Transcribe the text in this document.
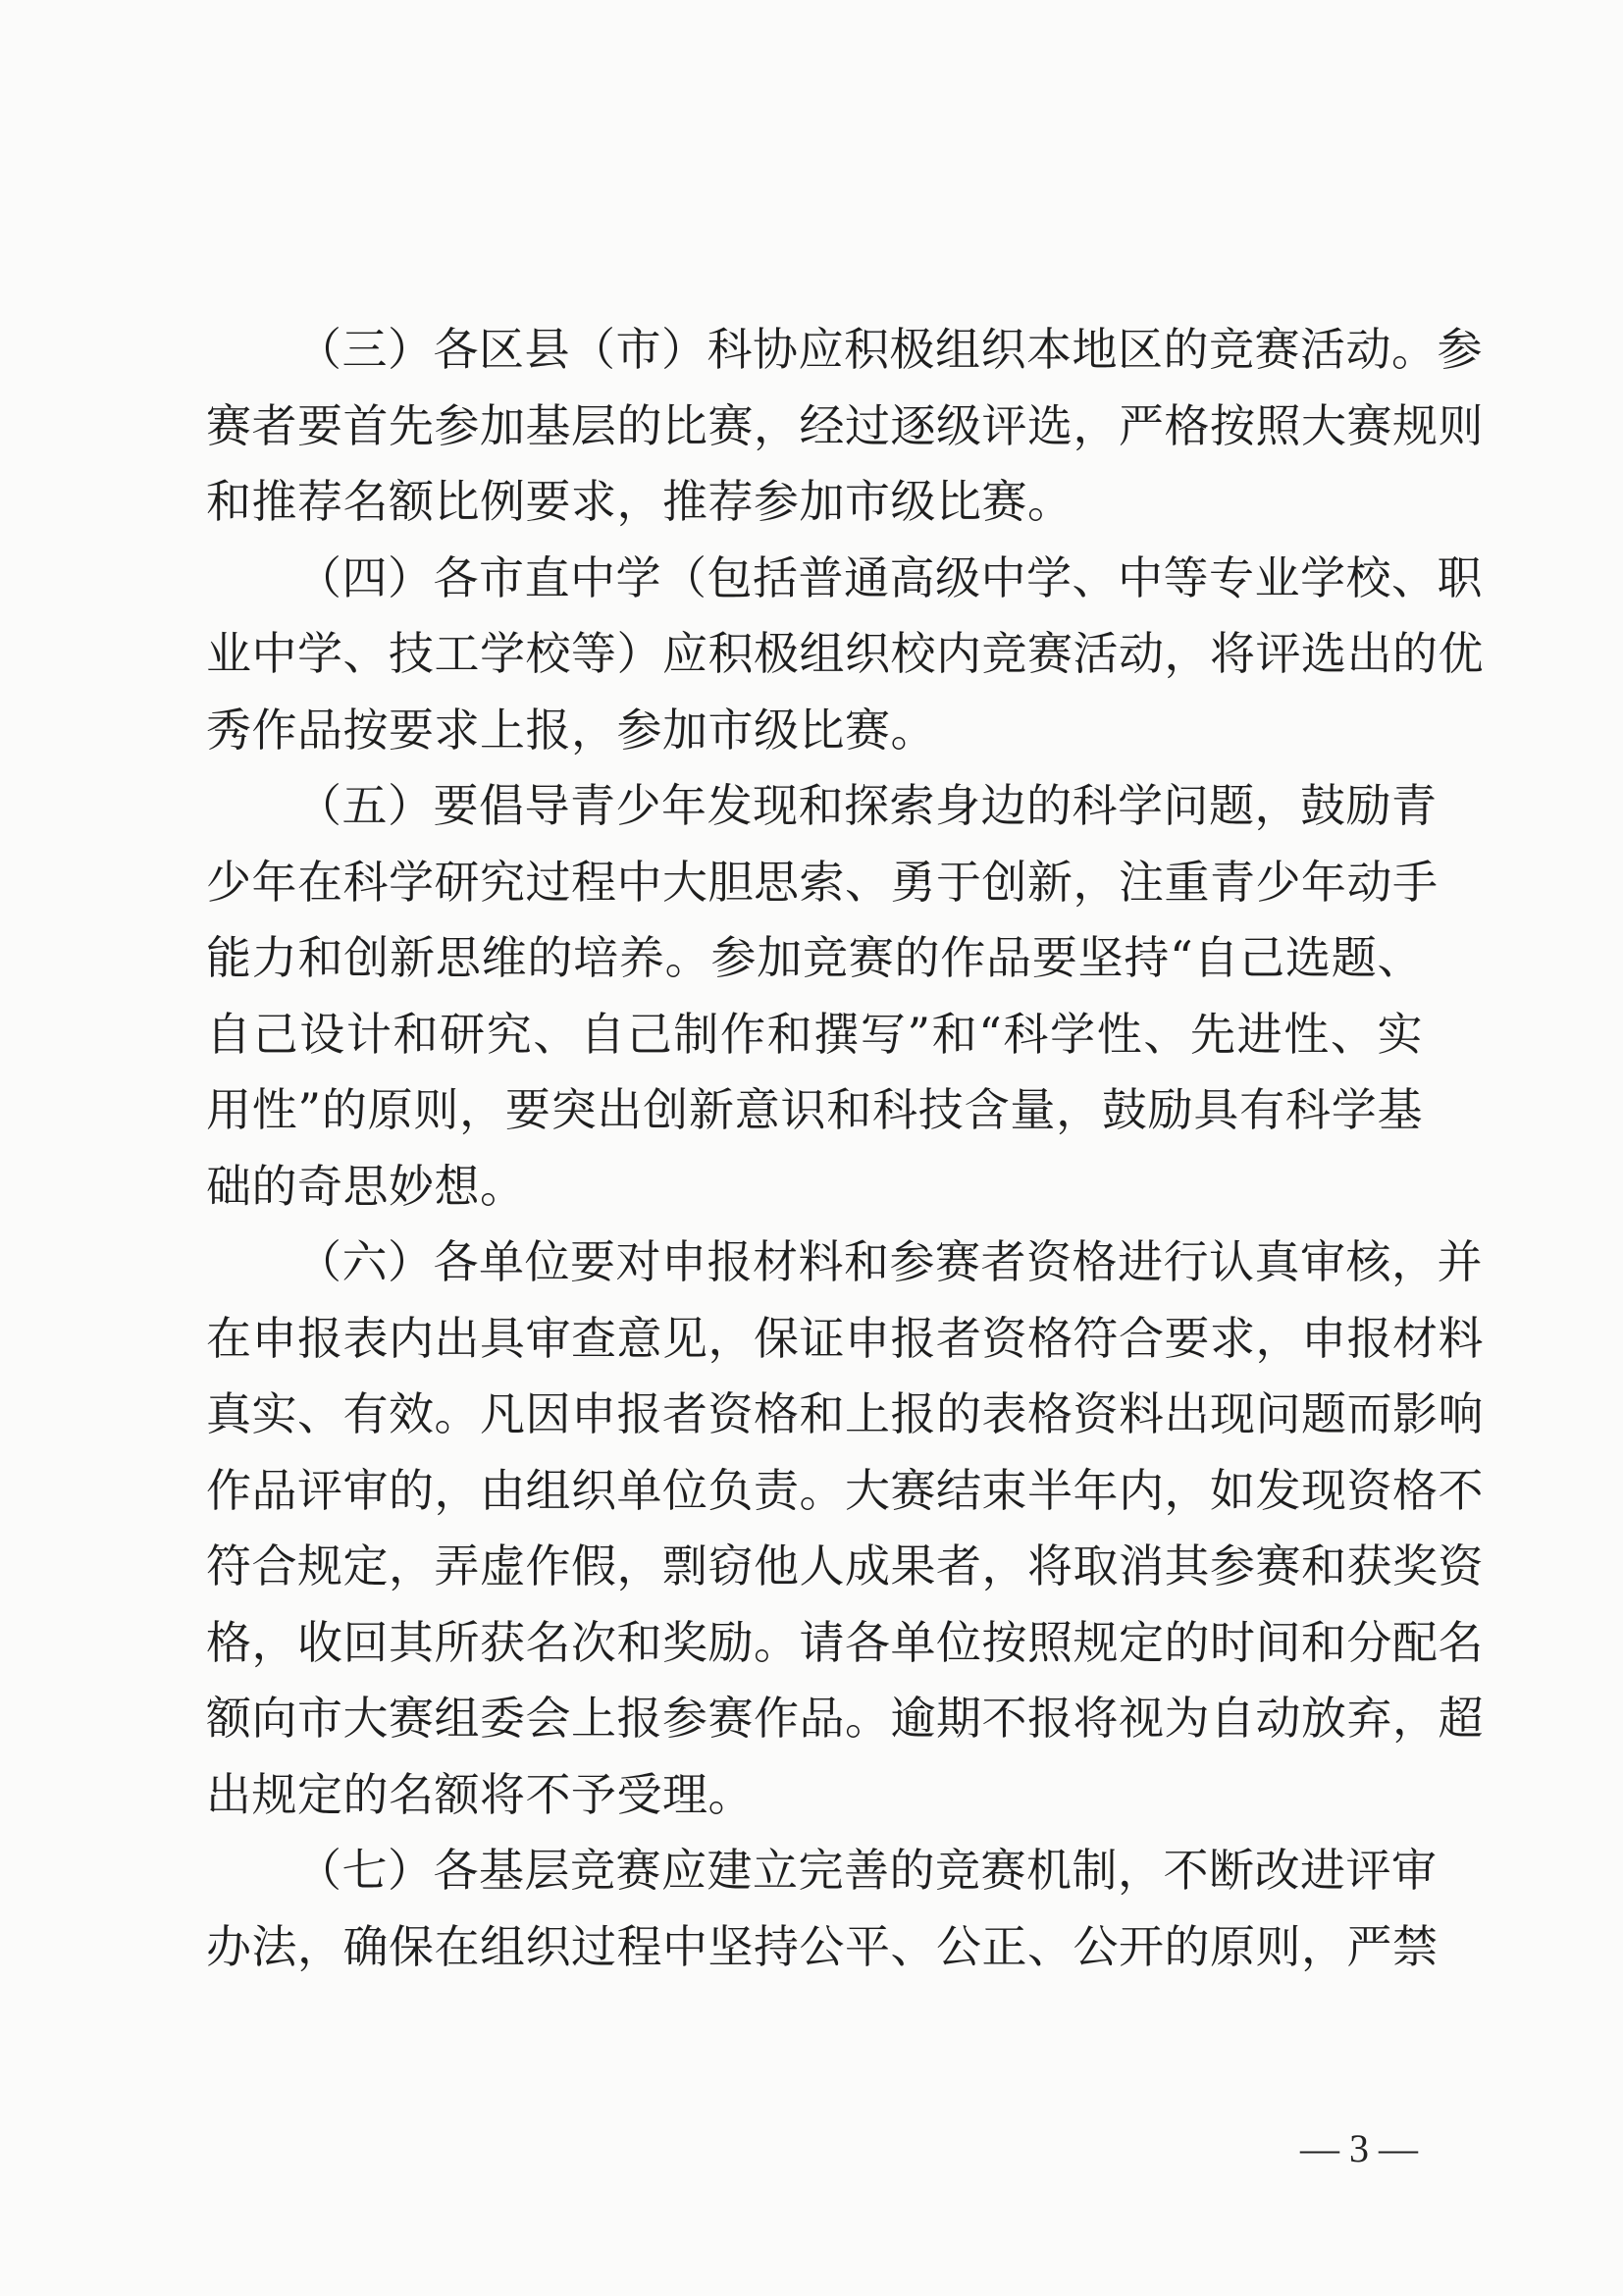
（三）各区县（市）科协应积极组织本地区的竞赛活动。参
赛者要首先参加基层的比赛，经过逐级评选，严格按照大赛规则
和推荐名额比例要求，推荐参加市级比赛。
（四）各市直中学（包括普通高级中学、中等专业学校、职
业中学、技工学校等）应积极组织校内竞赛活动，将评选出的优
秀作品按要求上报，参加市级比赛。
（五）要倡导青少年发现和探索身边的科学问题，鼓励青
少年在科学研究过程中大胆思索、勇于创新，注重青少年动手
能力和创新思维的培养。参加竞赛的作品要坚持“自己选题、
自己设计和研究、自己制作和撰写”和“科学性、先进性、实
用性”的原则，要突出创新意识和科技含量，鼓励具有科学基
础的奇思妙想。
（六）各单位要对申报材料和参赛者资格进行认真审核，并
在申报表内出具审查意见，保证申报者资格符合要求，申报材料
真实、有效。凡因申报者资格和上报的表格资料出现问题而影响
作品评审的，由组织单位负责。大赛结束半年内，如发现资格不
符合规定，弄虚作假，剽窃他人成果者，将取消其参赛和获奖资
格，收回其所获名次和奖励。请各单位按照规定的时间和分配名
额向市大赛组委会上报参赛作品。逾期不报将视为自动放弃，超
出规定的名额将不予受理。
（七）各基层竞赛应建立完善的竞赛机制，不断改进评审
办法，确保在组织过程中坚持公平、公正、公开的原则，严禁
— 3 —
